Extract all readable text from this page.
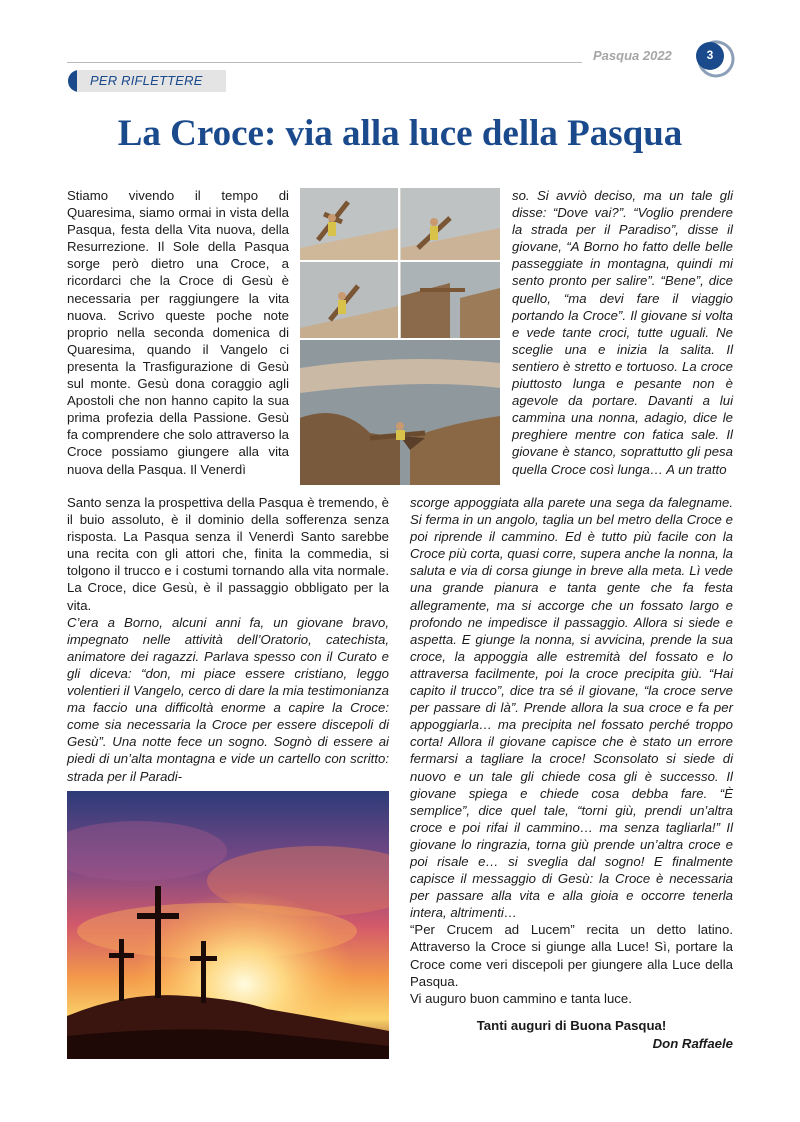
Pasqua 2022	3
PER RIFLETTERE
La Croce: via alla luce della Pasqua

Stiamo vivendo il tempo di Quaresima, siamo ormai in vista della Pasqua, festa della Vita nuova, della Resurrezione. Il Sole della Pasqua sorge però dietro una Croce, a ricordarci che la Croce di Gesù è necessaria per raggiungere la vita nuova. Scrivo queste poche note proprio nella seconda domenica di Quaresima, quando il Vangelo ci presenta la Trasfigurazione di Gesù sul monte. Gesù dona coraggio agli Apostoli che non hanno capito la sua prima profezia della Passione. Gesù fa comprendere che solo attraverso la Croce possiamo giungere alla vita nuova della Pasqua. Il Venerdì

Santo senza la prospettiva della Pasqua è tremendo, è il buio assoluto, è il dominio della sofferenza senza risposta. La Pasqua senza il Venerdì Santo sarebbe una recita con gli attori che, finita la commedia, si tolgono il trucco e i costumi tornando alla vita normale. La Croce, dice Gesù, è il passaggio obbligato per la vita.

C’era a Borno, alcuni anni fa, un giovane bravo, impegnato nelle attività dell’Oratorio, catechista, animatore dei ragazzi. Parlava spesso con il Curato e gli diceva: “don, mi piace essere cristiano, leggo volentieri il Vangelo, cerco di dare la mia testimonianza ma faccio una difficoltà enorme a capire la Croce: come sia necessaria la Croce per essere discepoli di Gesù”. Una notte fece un sogno. Sognò di essere ai piedi di un’alta montagna e vide un cartello con scritto: strada per il Paradi-

so. Si avviò deciso, ma un tale gli disse: “Dove vai?”. “Voglio prendere la strada per il Paradiso”, disse il giovane, “A Borno ho fatto delle belle passeggiate in montagna, quindi mi sento pronto per salire”. “Bene”, dice quello, “ma devi fare il viaggio portando la Croce”. Il giovane si volta e vede tante croci, tutte uguali. Ne sceglie una e inizia la salita. Il sentiero è stretto e tortuoso. La croce piuttosto lunga e pesante non è agevole da portare. Davanti a lui cammina una nonna, adagio, dice le preghiere mentre con fatica sale. Il giovane è stanco, soprattutto gli pesa quella Croce così lunga… A un tratto

scorge appoggiata alla parete una sega da falegname. Si ferma in un angolo, taglia un bel metro della Croce e poi riprende il cammino. Ed è tutto più facile con la Croce più corta, quasi corre, supera anche la nonna, la saluta e via di corsa giunge in breve alla meta. Lì vede una grande pianura e tanta gente che fa festa allegramente, ma si accorge che un fossato largo e profondo ne impedisce il passaggio. Allora si siede e aspetta. E giunge la nonna, si avvicina, prende la sua croce, la appoggia alle estremità del fossato e lo attraversa facilmente, poi la croce precipita giù. “Hai capito il trucco”, dice tra sé il giovane, “la croce serve per passare di là”. Prende allora la sua croce e fa per appoggiarla… ma precipita nel fossato perché troppo corta! Allora il giovane capisce che è stato un errore fermarsi a tagliare la croce! Sconsolato si siede di nuovo e un tale gli chiede cosa gli è successo. Il giovane spiega e chiede cosa debba fare. “È semplice”, dice quel tale, “torni giù, prendi un’altra croce e poi rifai il cammino… ma senza tagliarla!” Il giovane lo ringrazia, torna giù prende un’altra croce e poi risale e… si sveglia dal sogno! E finalmente capisce il messaggio di Gesù: la Croce è necessaria per passare alla vita e alla gioia e occorre tenerla intera, altrimenti…

“Per Crucem ad Lucem” recita un detto latino. Attraverso la Croce si giunge alla Luce! Sì, portare la Croce come veri discepoli per giungere alla Luce della Pasqua.

Vi auguro buon cammino e tanta luce.

Tanti auguri di Buona Pasqua!
Don Raffaele
